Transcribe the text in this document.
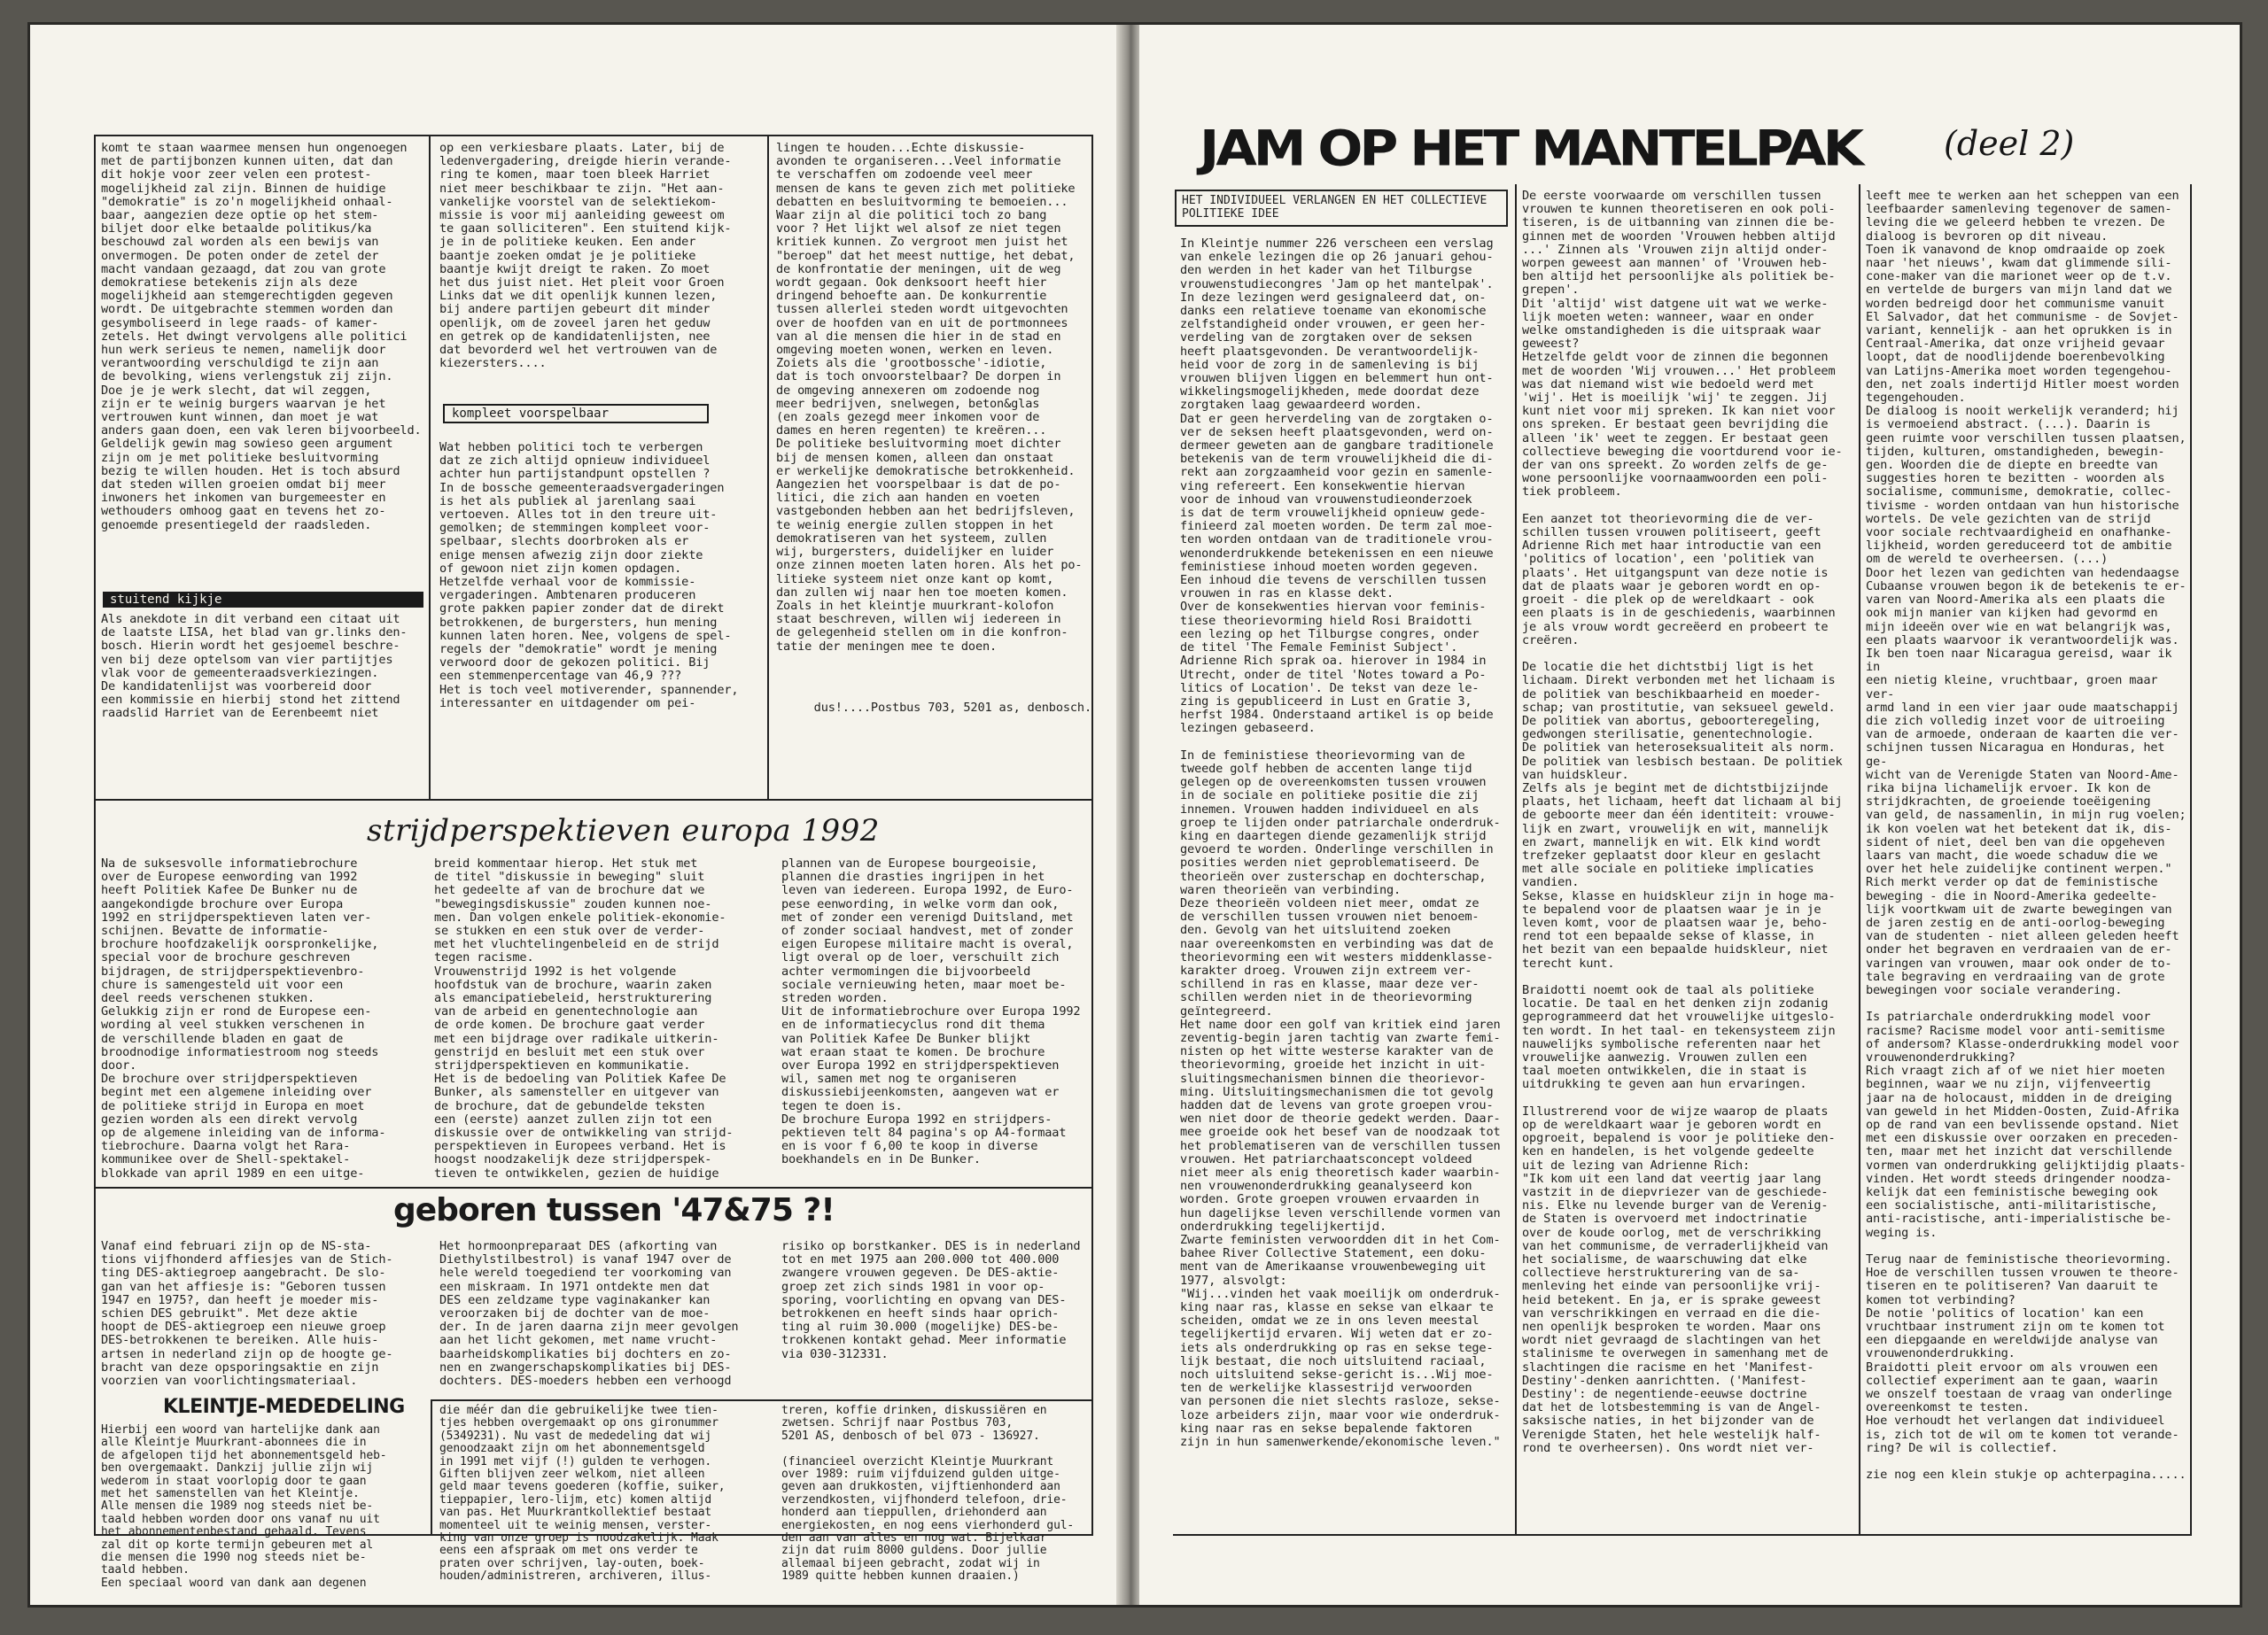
komt te staan waarmee mensen hun ongenoegen
met de partijbonzen kunnen uiten, dat dan
dit hokje voor zeer velen een protest-
mogelijkheid zal zijn. Binnen de huidige
"demokratie" is zo'n mogelijkheid onhaal-
baar, aangezien deze optie op het stem-
biljet door elke betaalde politikus/ka
beschouwd zal worden als een bewijs van
onvermogen. De poten onder de zetel der
macht vandaan gezaagd, dat zou van grote
demokratiese betekenis zijn als deze
mogelijkheid aan stemgerechtigden gegeven
wordt. De uitgebrachte stemmen worden dan
gesymboliseerd in lege raads- of kamer-
zetels. Het dwingt vervolgens alle politici
hun werk serieus te nemen, namelijk door
verantwoording verschuldigd te zijn aan
de bevolking, wiens verlengstuk zij zijn.
Doe je je werk slecht, dat wil zeggen,
zijn er te weinig burgers waarvan je het
vertrouwen kunt winnen, dan moet je wat
anders gaan doen, een vak leren bijvoorbeeld.
Geldelijk gewin mag sowieso geen argument
zijn om je met politieke besluitvorming
bezig te willen houden. Het is toch absurd
dat steden willen groeien omdat bij meer
inwoners het inkomen van burgemeester en
wethouders omhoog gaat en tevens het zo-
genoemde presentiegeld der raadsleden.
stuitend kijkje
Als anekdote in dit verband een citaat uit
de laatste LISA, het blad van gr.links den-
bosch. Hierin wordt het gesjoemel beschre-
ven bij deze optelsom van vier partijtjes
vlak voor de gemeenteraadsverkiezingen.
De kandidatenlijst was voorbereid door
een kommissie en hierbij stond het zittend
raadslid Harriet van de Eerenbeemt niet
op een verkiesbare plaats. Later, bij de
ledenvergadering, dreigde hierin verande-
ring te komen, maar toen bleek Harriet
niet meer beschikbaar te zijn. "Het aan-
vankelijke voorstel van de selektiekom-
missie is voor mij aanleiding geweest om
te gaan solliciteren". Een stuitend kijk-
je in de politieke keuken. Een ander
baantje zoeken omdat je je politieke
baantje kwijt dreigt te raken. Zo moet
het dus juist niet. Het pleit voor Groen
Links dat we dit openlijk kunnen lezen,
bij andere partijen gebeurt dit minder
openlijk, om de zoveel jaren het geduw
en getrek op de kandidatenlijsten, nee
dat bevorderd wel het vertrouwen van de
kiezersters....
kompleet voorspelbaar
Wat hebben politici toch te verbergen
dat ze zich altijd opnieuw individueel
achter hun partijstandpunt opstellen ?
In de bossche gemeenteraadsvergaderingen
is het als publiek al jarenlang saai
vertoeven. Alles tot in den treure uit-
gemolken; de stemmingen kompleet voor-
spelbaar, slechts doorbroken als er
enige mensen afwezig zijn door ziekte
of gewoon niet zijn komen opdagen.
Hetzelfde verhaal voor de kommissie-
vergaderingen. Ambtenaren produceren
grote pakken papier zonder dat de direkt
betrokkenen, de burgersters, hun mening
kunnen laten horen. Nee, volgens de spel-
regels der "demokratie" wordt je mening
verwoord door de gekozen politici. Bij
een stemmenpercentage van 46,9 ???
Het is toch veel motiverender, spannender,
interessanter en uitdagender om pei-
lingen te houden...Echte diskussie-
avonden te organiseren...Veel informatie
te verschaffen om zodoende veel meer
mensen de kans te geven zich met politieke
debatten en besluitvorming te bemoeien...
Waar zijn al die politici toch zo bang
voor ? Het lijkt wel alsof ze niet tegen
kritiek kunnen. Zo vergroot men juist het
"beroep" dat het meest nuttige, het debat,
de konfrontatie der meningen, uit de weg
wordt gegaan. Ook denksoort heeft hier
dringend behoefte aan. De konkurrentie
tussen allerlei steden wordt uitgevochten
over de hoofden van en uit de portmonnees
van al die mensen die hier in de stad en
omgeving moeten wonen, werken en leven.
Zoiets als die 'grootbossche'-idiotie,
dat is toch onvoorstelbaar? De dorpen in
de omgeving annexeren om zodoende nog
meer bedrijven, snelwegen, beton&glas
(en zoals gezegd meer inkomen voor de
dames en heren regenten) te kreëren...
De politieke besluitvorming moet dichter
bij de mensen komen, alleen dan onstaat
er werkelijke demokratische betrokkenheid.
Aangezien het voorspelbaar is dat de po-
litici, die zich aan handen en voeten
vastgebonden hebben aan het bedrijfsleven,
te weinig energie zullen stoppen in het
demokratiseren van het systeem, zullen
wij, burgersters, duidelijker en luider
onze zinnen moeten laten horen. Als het po-
litieke systeem niet onze kant op komt,
dan zullen wij naar hen toe moeten komen.
Zoals in het kleintje muurkrant-kolofon
staat beschreven, willen wij iedereen in
de gelegenheid stellen om in die konfron-
tatie der meningen mee te doen.
dus!....Postbus 703, 5201 as, denbosch.
strijdperspektieven europa 1992
Na de suksesvolle informatiebrochure
over de Europese eenwording van 1992
heeft Politiek Kafee De Bunker nu de
aangekondigde brochure over Europa
1992 en strijdperspektieven laten ver-
schijnen. Bevatte de informatie-
brochure hoofdzakelijk oorspronkelijke,
special voor de brochure geschreven
bijdragen, de strijdperspektievenbro-
chure is samengesteld uit voor een
deel reeds verschenen stukken.
Gelukkig zijn er rond de Europese een-
wording al veel stukken verschenen in
de verschillende bladen en gaat de
broodnodige informatiestroom nog steeds
door.
De brochure over strijdperspektieven
begint met een algemene inleiding over
de politieke strijd in Europa en moet
gezien worden als een direkt vervolg
op de algemene inleiding van de informa-
tiebrochure. Daarna volgt het Rara-
kommunikee over de Shell-spektakel-
blokkade van april 1989 en een uitge-
breid kommentaar hierop. Het stuk met
de titel "diskussie in beweging" sluit
het gedeelte af van de brochure dat we
"bewegingsdiskussie" zouden kunnen noe-
men. Dan volgen enkele politiek-ekonomie-
se stukken en een stuk over de verder-
met het vluchtelingenbeleid en de strijd
tegen racisme.
Vrouwenstrijd 1992 is het volgende
hoofdstuk van de brochure, waarin zaken
als emancipatiebeleid, herstrukturering
van de arbeid en genentechnologie aan
de orde komen. De brochure gaat verder
met een bijdrage over radikale uitkerin-
genstrijd en besluit met een stuk over
strijdperspektieven en kommunikatie.
Het is de bedoeling van Politiek Kafee De
Bunker, als samensteller en uitgever van
de brochure, dat de gebundelde teksten
een (eerste) aanzet zullen zijn tot een
diskussie over de ontwikkeling van strijd-
perspektieven in Europees verband. Het is
hoogst noodzakelijk deze strijdperspek-
tieven te ontwikkelen, gezien de huidige
plannen van de Europese bourgeoisie,
plannen die drasties ingrijpen in het
leven van iedereen. Europa 1992, de Euro-
pese eenwording, in welke vorm dan ook,
met of zonder een verenigd Duitsland, met
of zonder sociaal handvest, met of zonder
eigen Europese militaire macht is overal,
ligt overal op de loer, verschuilt zich
achter vermomingen die bijvoorbeeld
sociale vernieuwing heten, maar moet be-
streden worden.
Uit de informatiebrochure over Europa 1992
en de informatiecyclus rond dit thema
van Politiek Kafee De Bunker blijkt
wat eraan staat te komen. De brochure
over Europa 1992 en strijdperspektieven
wil, samen met nog te organiseren
diskussiebijeenkomsten, aangeven wat er
tegen te doen is.
De brochure Europa 1992 en strijdpers-
pektieven telt 84 pagina's op A4-formaat
en is voor f 6,00 te koop in diverse
boekhandels en in De Bunker.
geboren tussen '47&75 ?!
Vanaf eind februari zijn op de NS-sta-
tions vijfhonderd affiesjes van de Stich-
ting DES-aktiegroep aangebracht. De slo-
gan van het affiesje is: "Geboren tussen
1947 en 1975?, dan heeft je moeder mis-
schien DES gebruikt". Met deze aktie
hoopt de DES-aktiegroep een nieuwe groep
DES-betrokkenen te bereiken. Alle huis-
artsen in nederland zijn op de hoogte ge-
bracht van deze opsporingsaktie en zijn
voorzien van voorlichtingsmateriaal.
Het hormoonpreparaat DES (afkorting van
Diethylstilbestrol) is vanaf 1947 over de
hele wereld toegediend ter voorkoming van
een miskraam. In 1971 ontdekte men dat
DES een zeldzame type vaginakanker kan
veroorzaken bij de dochter van de moe-
der. In de jaren daarna zijn meer gevolgen
aan het licht gekomen, met name vrucht-
baarheidskomplikaties bij dochters en zo-
nen en zwangerschapskomplikaties bij DES-
dochters. DES-moeders hebben een verhoogd
risiko op borstkanker. DES is in nederland
tot en met 1975 aan 200.000 tot 400.000
zwangere vrouwen gegeven. De DES-aktie-
groep zet zich sinds 1981 in voor op-
sporing, voorlichting en opvang van DES-
betrokkenen en heeft sinds haar oprich-
ting al ruim 30.000 (mogelijke) DES-be-
trokkenen kontakt gehad. Meer informatie
via 030-312331.
KLEINTJE-MEDEDELING
Hierbij een woord van hartelijke dank aan
alle Kleintje Muurkrant-abonnees die in
de afgelopen tijd het abonnementsgeld heb-
ben overgemaakt. Dankzij jullie zijn wij
wederom in staat voorlopig door te gaan
met het samenstellen van het Kleintje.
Alle mensen die 1989 nog steeds niet be-
taald hebben worden door ons vanaf nu uit
het abonnementenbestand gehaald. Tevens
zal dit op korte termijn gebeuren met al
die mensen die 1990 nog steeds niet be-
taald hebben.
Een speciaal woord van dank aan degenen
die méér dan die gebruikelijke twee tien-
tjes hebben overgemaakt op ons gironummer
(5349231). Nu vast de mededeling dat wij
genoodzaakt zijn om het abonnementsgeld
in 1991 met vijf (!) gulden te verhogen.
Giften blijven zeer welkom, niet alleen
geld maar tevens goederen (koffie, suiker,
tieppapier, lero-lijm, etc) komen altijd
van pas. Het Muurkrantkollektief bestaat
momenteel uit te weinig mensen, verster-
king van onze groep is noodzakelijk. Maak
eens een afspraak om met ons verder te
praten over schrijven, lay-outen, boek-
houden/administreren, archiveren, illus-
treren, koffie drinken, diskussiëren en
zwetsen. Schrijf naar Postbus 703,
5201 AS, denbosch of bel 073 - 136927.

(financieel overzicht Kleintje Muurkrant
over 1989: ruim vijfduizend gulden uitge-
geven aan drukkosten, vijftienhonderd aan
verzendkosten, vijfhonderd telefoon, drie-
honderd aan tieppullen, driehonderd aan
energiekosten, en nog eens vierhonderd gul-
den aan van alles en nog wat. Bijelkaar
zijn dat ruim 8000 guldens. Door jullie
allemaal bijeen gebracht, zodat wij in
1989 quitte hebben kunnen draaien.)
JAM OP HET MANTELPAK (deel 2)
HET INDIVIDUEEL VERLANGEN EN HET COLLECTIEVE
POLITIEKE IDEE
In Kleintje nummer 226 verscheen een verslag
van enkele lezingen die op 26 januari gehou-
den werden in het kader van het Tilburgse
vrouwenstudiecongres 'Jam op het mantelpak'.
In deze lezingen werd gesignaleerd dat, on-
danks een relatieve toename van ekonomische
zelfstandigheid onder vrouwen, er geen her-
verdeling van de zorgtaken over de seksen
heeft plaatsgevonden. De verantwoordelijk-
heid voor de zorg in de samenleving is bij
vrouwen blijven liggen en belemmert hun ont-
wikkelingsmogelijkheden, mede doordat deze
zorgtaken laag gewaardeerd worden.
Dat er geen herverdeling van de zorgtaken o-
ver de seksen heeft plaatsgevonden, werd on-
dermeer geweten aan de gangbare traditionele
betekenis van de term vrouwelijkheid die di-
rekt aan zorgzaamheid voor gezin en samenle-
ving refereert. Een konsekwentie hiervan
voor de inhoud van vrouwenstudieonderzoek
is dat de term vrouwelijkheid opnieuw gede-
finieerd zal moeten worden. De term zal moe-
ten worden ontdaan van de traditionele vrou-
wenonderdrukkende betekenissen en een nieuwe
feministiese inhoud moeten worden gegeven.
Een inhoud die tevens de verschillen tussen
vrouwen in ras en klasse dekt.
Over de konsekwenties hiervan voor feminis-
tiese theorievorming hield Rosi Braidotti
een lezing op het Tilburgse congres, onder
de titel 'The Female Feminist Subject'.
Adrienne Rich sprak oa. hierover in 1984 in
Utrecht, onder de titel 'Notes toward a Po-
litics of Location'. De tekst van deze le-
zing is gepubliceerd in Lust en Gratie 3,
herfst 1984. Onderstaand artikel is op beide
lezingen gebaseerd.

In de feministiese theorievorming van de
tweede golf hebben de accenten lange tijd
gelegen op de overeenkomsten tussen vrouwen
in de sociale en politieke positie die zij
innemen. Vrouwen hadden individueel en als
groep te lijden onder patriarchale onderdruk-
king en daartegen diende gezamenlijk strijd
gevoerd te worden. Onderlinge verschillen in
posities werden niet geproblematiseerd. De
theorieën over zusterschap en dochterschap,
waren theorieën van verbinding.
Deze theorieën voldeen niet meer, omdat ze
de verschillen tussen vrouwen niet benoem-
den. Gevolg van het uitsluitend zoeken
naar overeenkomsten en verbinding was dat de
theorievorming een wit westers middenklasse-
karakter droeg. Vrouwen zijn extreem ver-
schillend in ras en klasse, maar deze ver-
schillen werden niet in de theorievorming
geïntegreerd.
Het name door een golf van kritiek eind jaren
zeventig-begin jaren tachtig van zwarte femi-
nisten op het witte westerse karakter van de
theorievorming, groeide het inzicht in uit-
sluitingsmechanismen binnen die theorievor-
ming. Uitsluitingsmechanismen die tot gevolg
hadden dat de levens van grote groepen vrou-
wen niet door de theorie gedekt werden. Daar-
mee groeide ook het besef van de noodzaak tot
het problematiseren van de verschillen tussen
vrouwen. Het patriarchaatsconcept voldeed
niet meer als enig theoretisch kader waarbin-
nen vrouwenonderdrukking geanalyseerd kon
worden. Grote groepen vrouwen ervaarden in
hun dagelijkse leven verschillende vormen van
onderdrukking tegelijkertijd.
Zwarte feministen verwoordden dit in het Com-
bahee River Collective Statement, een doku-
ment van de Amerikaanse vrouwenbeweging uit
1977, alsvolgt:
"Wij...vinden het vaak moeilijk om onderdruk-
king naar ras, klasse en sekse van elkaar te
scheiden, omdat we ze in ons leven meestal
tegelijkertijd ervaren. Wij weten dat er zo-
iets als onderdrukking op ras en sekse tege-
lijk bestaat, die noch uitsluitend raciaal,
noch uitsluitend sekse-gericht is...Wij moe-
ten de werkelijke klassestrijd verwoorden
van personen die niet slechts rasloze, sekse-
loze arbeiders zijn, maar voor wie onderdruk-
king naar ras en sekse bepalende faktoren
zijn in hun samenwerkende/ekonomische leven."
De eerste voorwaarde om verschillen tussen
vrouwen te kunnen theoretiseren en ook poli-
tiseren, is de uitbanning van zinnen die be-
ginnen met de woorden 'Vrouwen hebben altijd
...' Zinnen als 'Vrouwen zijn altijd onder-
worpen geweest aan mannen' of 'Vrouwen heb-
ben altijd het persoonlijke als politiek be-
grepen'.
Dit 'altijd' wist datgene uit wat we werke-
lijk moeten weten: wanneer, waar en onder
welke omstandigheden is die uitspraak waar
geweest?
Hetzelfde geldt voor de zinnen die begonnen
met de woorden 'Wij vrouwen...' Het probleem
was dat niemand wist wie bedoeld werd met
'wij'. Het is moeilijk 'wij' te zeggen. Jij
kunt niet voor mij spreken. Ik kan niet voor
ons spreken. Er bestaat geen bevrijding die
alleen 'ik' weet te zeggen. Er bestaat geen
collectieve beweging die voortdurend voor ie-
der van ons spreekt. Zo worden zelfs de ge-
wone persoonlijke voornaamwoorden een poli-
tiek probleem.

Een aanzet tot theorievorming die de ver-
schillen tussen vrouwen politiseert, geeft
Adrienne Rich met haar introductie van een
'politics of location', een 'politiek van
plaats'. Het uitgangspunt van deze notie is
dat de plaats waar je geboren wordt en op-
groeit - die plek op de wereldkaart - ook
een plaats is in de geschiedenis, waarbinnen
je als vrouw wordt gecreëerd en probeert te
creëren.

De locatie die het dichtstbij ligt is het
lichaam. Direkt verbonden met het lichaam is
de politiek van beschikbaarheid en moeder-
schap; van prostitutie, van seksueel geweld.
De politiek van abortus, geboorteregeling,
gedwongen sterilisatie, genentechnologie.
De politiek van heteroseksualiteit als norm.
De politiek van lesbisch bestaan. De politiek
van huidskleur.
Zelfs als je begint met de dichtstbijzijnde
plaats, het lichaam, heeft dat lichaam al bij
de geboorte meer dan één identiteit: vrouwe-
lijk en zwart, vrouwelijk en wit, mannelijk
en zwart, mannelijk en wit. Elk kind wordt
trefzeker geplaatst door kleur en geslacht
met alle sociale en politieke implicaties
vandien.
Sekse, klasse en huidskleur zijn in hoge ma-
te bepalend voor de plaatsen waar je in je
leven komt, voor de plaatsen waar je, beho-
rend tot een bepaalde sekse of klasse, in
het bezit van een bepaalde huidskleur, niet
terecht kunt.

Braidotti noemt ook de taal als politieke
locatie. De taal en het denken zijn zodanig
geprogrammeerd dat het vrouwelijke uitgeslo-
ten wordt. In het taal- en tekensysteem zijn
nauwelijks symbolische referenten naar het
vrouwelijke aanwezig. Vrouwen zullen een
taal moeten ontwikkelen, die in staat is
uitdrukking te geven aan hun ervaringen.

Illustrerend voor de wijze waarop de plaats
op de wereldkaart waar je geboren wordt en
opgroeit, bepalend is voor je politieke den-
ken en handelen, is het volgende gedeelte
uit de lezing van Adrienne Rich:
"Ik kom uit een land dat veertig jaar lang
vastzit in de diepvriezer van de geschiede-
nis. Elke nu levende burger van de Verenig-
de Staten is overvoerd met indoctrinatie
over de koude oorlog, met de verschrikking
van het communisme, de verraderlijkheid van
het socialisme, de waarschuwing dat elke
collectieve herstrukturering van de sa-
menleving het einde van persoonlijke vrij-
heid betekent. En ja, er is sprake geweest
van verschrikkingen en verraad en die die-
nen openlijk besproken te worden. Maar ons
wordt niet gevraagd de slachtingen van het
stalinisme te overwegen in samenhang met de
slachtingen die racisme en het 'Manifest-
Destiny'-denken aanrichtten. ('Manifest-
Destiny': de negentiende-eeuwse doctrine
dat het de lotsbestemming is van de Angel-
saksische naties, in het bijzonder van de
Verenigde Staten, het hele westelijk half-
rond te overheersen). Ons wordt niet ver-
leeft mee te werken aan het scheppen van een
leefbaarder samenleving tegenover de samen-
leving die we geleerd hebben te vrezen. De
dialoog is bevroren op dit niveau.
Toen ik vanavond de knop omdraaide op zoek
naar 'het nieuws', kwam dat glimmende sili-
cone-maker van die marionet weer op de t.v.
en vertelde de burgers van mijn land dat we
worden bedreigd door het communisme vanuit
El Salvador, dat het communisme - de Sovjet-
variant, kennelijk - aan het oprukken is in
Centraal-Amerika, dat onze vrijheid gevaar
loopt, dat de noodlijdende boerenbevolking
van Latijns-Amerika moet worden tegengehou-
den, net zoals indertijd Hitler moest worden
tegengehouden.
De dialoog is nooit werkelijk veranderd; hij
is vermoeiend abstract. (...). Daarin is
geen ruimte voor verschillen tussen plaatsen,
tijden, kulturen, omstandigheden, bewegin-
gen. Woorden die de diepte en breedte van
suggesties horen te bezitten - woorden als
socialisme, communisme, demokratie, collec-
tivisme - worden ontdaan van hun historische
wortels. De vele gezichten van de strijd
voor sociale rechtvaardigheid en onafhanke-
lijkheid, worden gereduceerd tot de ambitie
om de wereld te overheersen. (...)
Door het lezen van gedichten van hedendaagse
Cubaanse vrouwen begon ik de betekenis te er-
varen van Noord-Amerika als een plaats die
ook mijn manier van kijken had gevormd en
mijn ideeën over wie en wat belangrijk was,
een plaats waarvoor ik verantwoordelijk was.
Ik ben toen naar Nicaragua gereisd, waar ik in
een nietig kleine, vruchtbaar, groen maar ver-
armd land in een vier jaar oude maatschappij
die zich volledig inzet voor de uitroeiing
van de armoede, onderaan de kaarten die ver-
schijnen tussen Nicaragua en Honduras, het ge-
wicht van de Verenigde Staten van Noord-Ame-
rika bijna lichamelijk ervoer. Ik kon de
strijdkrachten, de groeiende toeëigening
van geld, de nassamenlin, in mijn rug voelen;
ik kon voelen wat het betekent dat ik, dis-
sident of niet, deel ben van die opgeheven
laars van macht, die woede schaduw die we
over het hele zuidelijke continent werpen."
Rich merkt verder op dat de feministische
beweging - die in Noord-Amerika gedeelte-
lijk voortkwam uit de zwarte bewegingen van
de jaren zestig en de anti-oorlog-beweging
van de studenten - niet alleen geleden heeft
onder het begraven en verdraaien van de er-
varingen van vrouwen, maar ook onder de to-
tale begraving en verdraaiing van de grote
bewegingen voor sociale verandering.

Is patriarchale onderdrukking model voor
racisme? Racisme model voor anti-semitisme
of andersom? Klasse-onderdrukking model voor
vrouwenonderdrukking?
Rich vraagt zich af of we niet hier moeten
beginnen, waar we nu zijn, vijfenveertig
jaar na de holocaust, midden in de dreiging
van geweld in het Midden-Oosten, Zuid-Afrika
op de rand van een bevlissende opstand. Niet
met een diskussie over oorzaken en preceden-
ten, maar met het inzicht dat verschillende
vormen van onderdrukking gelijktijdig plaats-
vinden. Het wordt steeds dringender noodza-
kelijk dat een feministische beweging ook
een socialistische, anti-militaristische,
anti-racistische, anti-imperialistische be-
weging is.

Terug naar de feministische theorievorming.
Hoe de verschillen tussen vrouwen te theore-
tiseren en te politiseren? Van daaruit te
komen tot verbinding?
De notie 'politics of location' kan een
vruchtbaar instrument zijn om te komen tot
een diepgaande en wereldwijde analyse van
vrouwenonderdrukking.
Braidotti pleit ervoor om als vrouwen een
collectief experiment aan te gaan, waarin
we onszelf toestaan de vraag van onderlinge
overeenkomst te testen.
Hoe verhoudt het verlangen dat individueel
is, zich tot de wil om te komen tot verande-
ring? De wil is collectief.

zie nog een klein stukje op achterpagina.....
